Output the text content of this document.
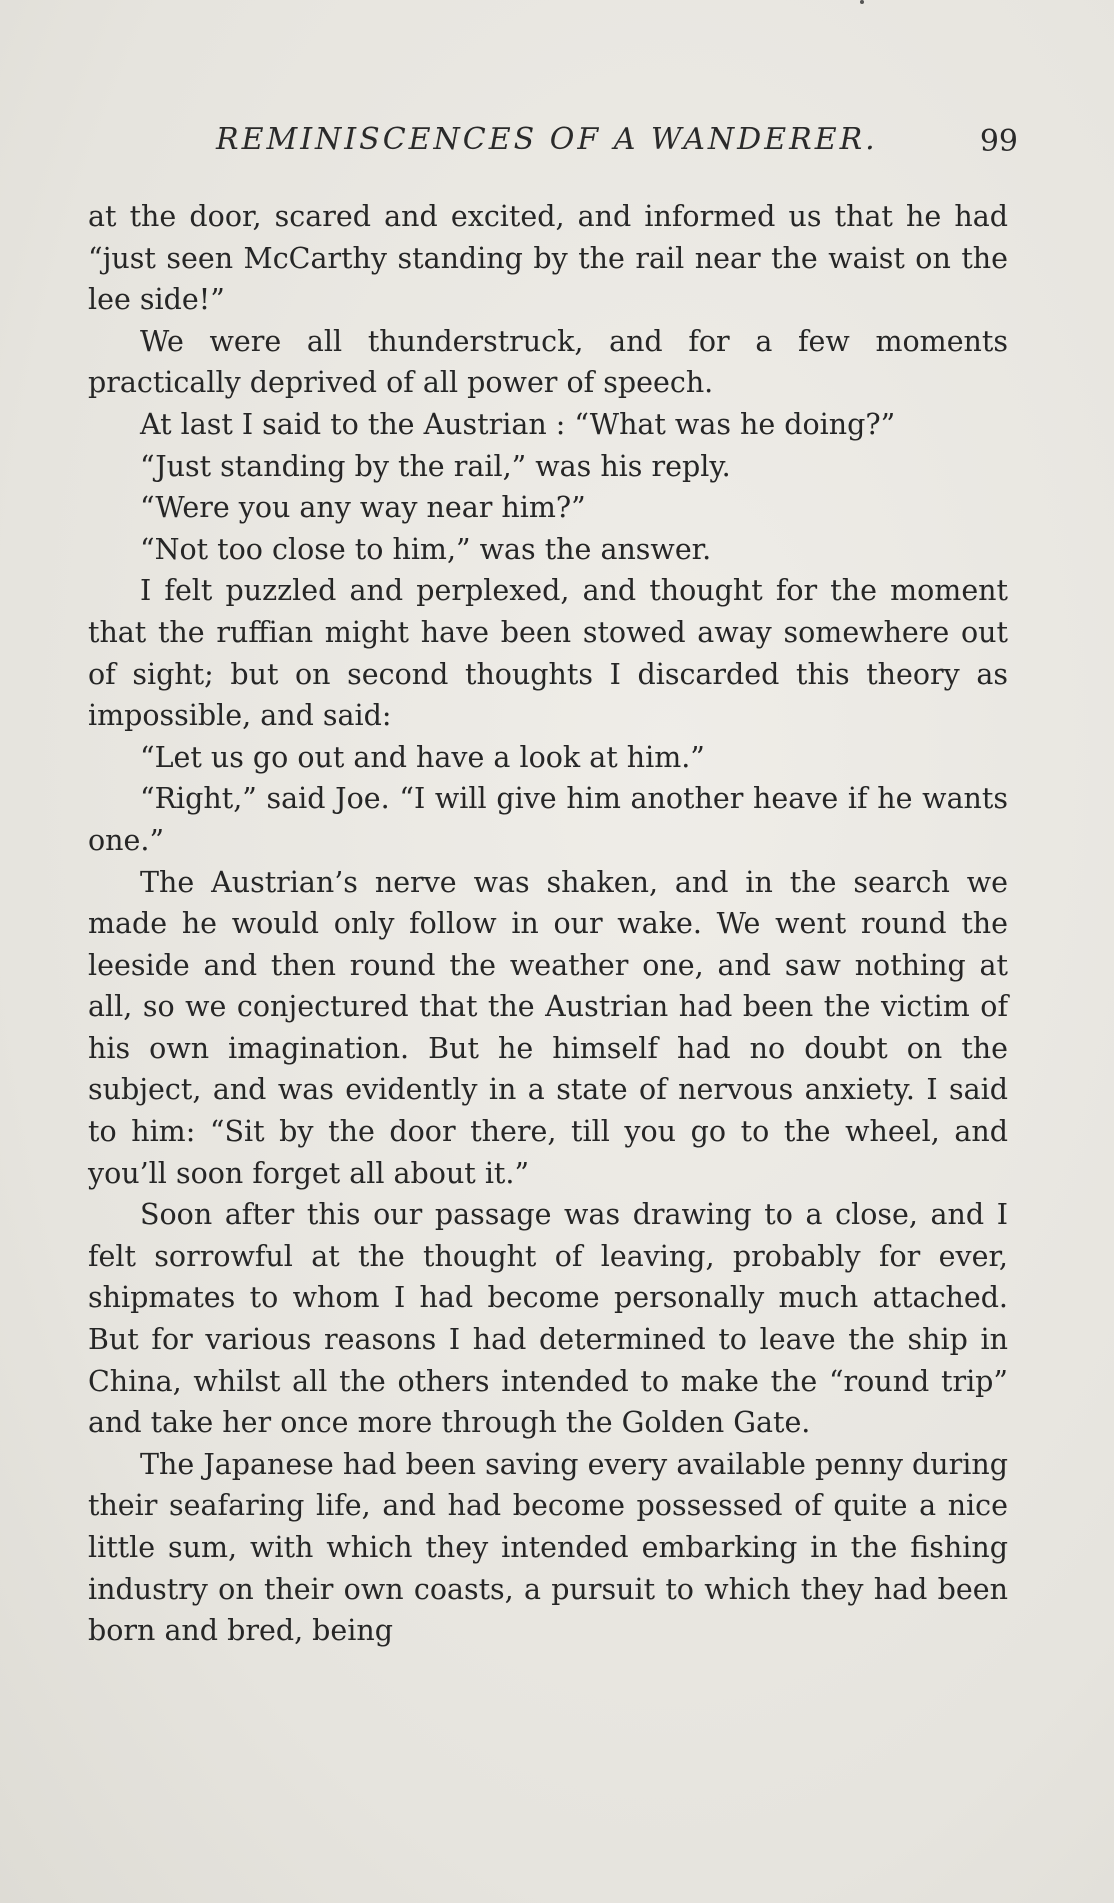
REMINISCENCES OF A WANDERER.	99

at the door, scared and excited, and informed us that he had “just seen McCarthy standing by the rail near the waist on the lee side!”

We were all thunderstruck, and for a few moments practically deprived of all power of speech.

At last I said to the Austrian : “What was he doing?”

“Just standing by the rail,” was his reply.

“Were you any way near him?”

“Not too close to him,” was the answer.

I felt puzzled and perplexed, and thought for the moment that the ruffian might have been stowed away somewhere out of sight; but on second thoughts I discarded this theory as impossible, and said:

“Let us go out and have a look at him.”

“Right,” said Joe. “I will give him another heave if he wants one.”

The Austrian’s nerve was shaken, and in the search we made he would only follow in our wake. We went round the leeside and then round the weather one, and saw nothing at all, so we conjectured that the Austrian had been the victim of his own imagination. But he himself had no doubt on the subject, and was evidently in a state of nervous anxiety. I said to him: “Sit by the door there, till you go to the wheel, and you’ll soon forget all about it.”

Soon after this our passage was drawing to a close, and I felt sorrowful at the thought of leaving, probably for ever, shipmates to whom I had become personally much attached. But for various reasons I had determined to leave the ship in China, whilst all the others intended to make the “round trip” and take her once more through the Golden Gate.

The Japanese had been saving every available penny during their seafaring life, and had become possessed of quite a nice little sum, with which they intended embarking in the fishing industry on their own coasts, a pursuit to which they had been born and bred, being
